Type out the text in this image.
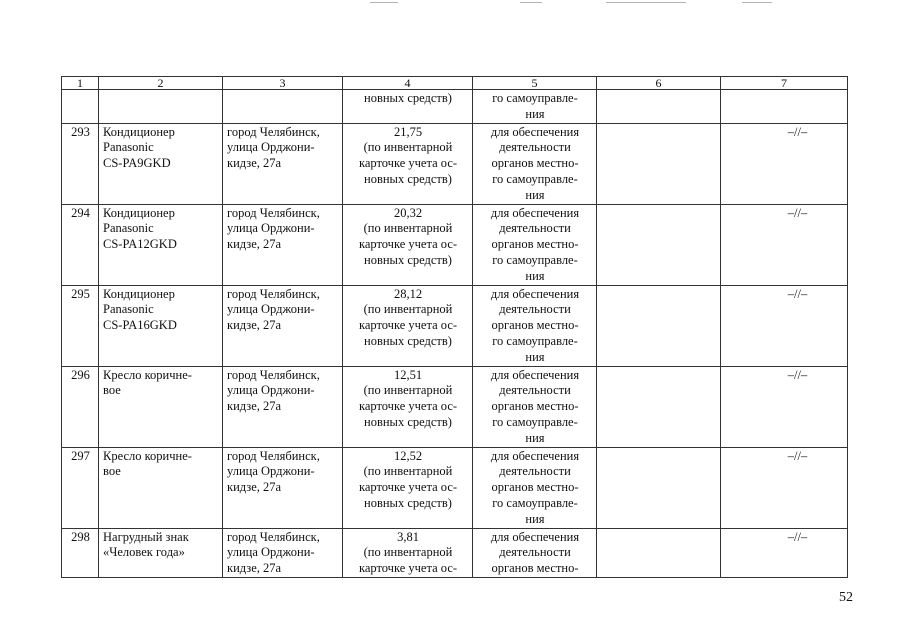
1	2	3	4	5	6	7

			новных средств)	го самоуправле-
ния		

293	Кондиционер
Panasonic
CS-PA9GKD	город Челябинск,
улица Орджони-
кидзе, 27а	21,75
(по инвентарной
карточке учета ос-
новных средств)	для обеспечения
деятельности
органов местно-
го самоуправле-
ния		–//–
294	Кондиционер
Panasonic
CS-PA12GKD	город Челябинск,
улица Орджони-
кидзе, 27а	20,32
(по инвентарной
карточке учета ос-
новных средств)	для обеспечения
деятельности
органов местно-
го самоуправле-
ния		–//–
295	Кондиционер
Panasonic
CS-PA16GKD	город Челябинск,
улица Орджони-
кидзе, 27а	28,12
(по инвентарной
карточке учета ос-
новных средств)	для обеспечения
деятельности
органов местно-
го самоуправле-
ния		–//–
296	Кресло коричне-
вое	город Челябинск,
улица Орджони-
кидзе, 27а	12,51
(по инвентарной
карточке учета ос-
новных средств)	для обеспечения
деятельности
органов местно-
го самоуправле-
ния		–//–
297	Кресло коричне-
вое	город Челябинск,
улица Орджони-
кидзе, 27а	12,52
(по инвентарной
карточке учета ос-
новных средств)	для обеспечения
деятельности
органов местно-
го самоуправле-
ния		–//–
298	Нагрудный знак
«Человек года»	город Челябинск,
улица Орджони-
кидзе, 27а	3,81
(по инвентарной
карточке учета ос-	для обеспечения
деятельности
органов местно-		–//–
52
